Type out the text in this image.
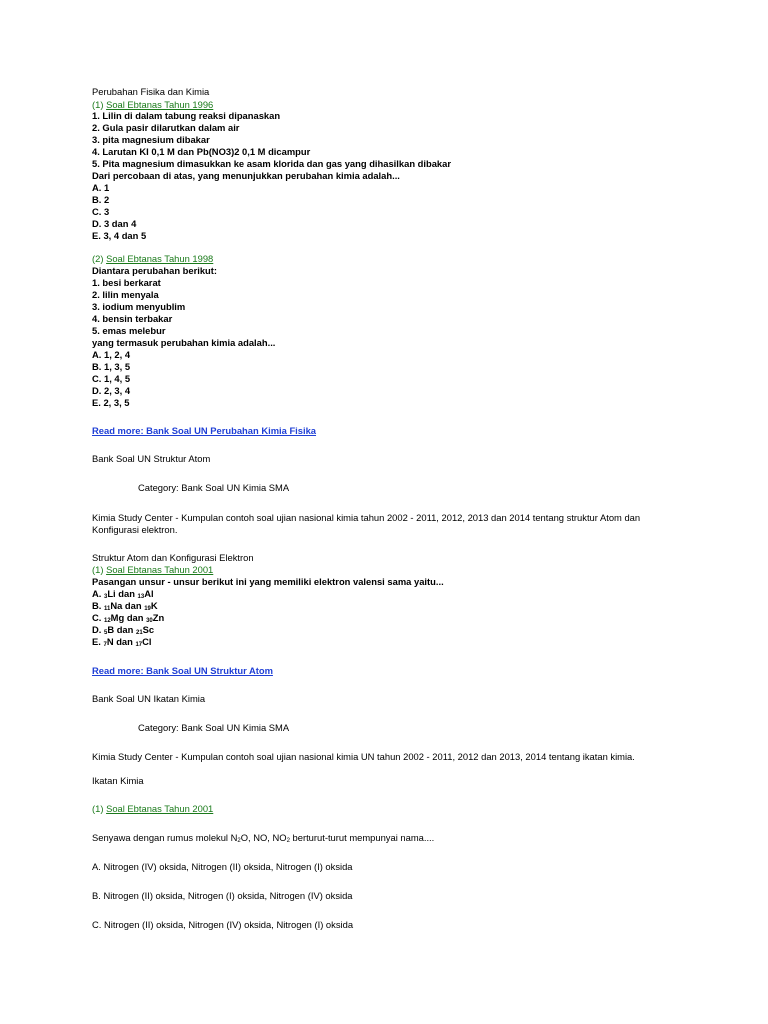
Perubahan Fisika dan Kimia
(1) Soal Ebtanas Tahun 1996
1. Lilin di dalam tabung reaksi dipanaskan
2. Gula pasir dilarutkan dalam air
3. pita magnesium dibakar
4. Larutan KI 0,1 M dan Pb(NO3)2 0,1 M dicampur
5. Pita magnesium dimasukkan ke asam klorida dan gas yang dihasilkan dibakar
Dari percobaan di atas, yang menunjukkan perubahan kimia adalah...
A. 1
B. 2
C. 3
D. 3 dan 4
E. 3, 4 dan 5
(2) Soal Ebtanas Tahun 1998
Diantara perubahan berikut:
1. besi berkarat
2. lilin menyala
3. iodium menyublim
4. bensin terbakar
5. emas melebur
yang termasuk perubahan kimia adalah...
A. 1, 2, 4
B. 1, 3, 5
C. 1, 4, 5
D. 2, 3, 4
E. 2, 3, 5
Read more: Bank Soal UN Perubahan Kimia Fisika
Bank Soal UN Struktur Atom
Category: Bank Soal UN Kimia SMA
Kimia Study Center - Kumpulan contoh soal ujian nasional kimia tahun 2002 - 2011, 2012, 2013 dan 2014 tentang struktur Atom dan Konfigurasi elektron.
Struktur Atom dan Konfigurasi Elektron
(1) Soal Ebtanas Tahun 2001
Pasangan unsur - unsur berikut ini yang memiliki elektron valensi sama yaitu...
A. $_3$Li dan $_{13}$Al
B. $_{11}$Na dan $_{19}$K
C. $_{12}$Mg dan $_{30}$Zn
D. $_5$B dan $_{21}$Sc
E. $_7$N dan $_{17}$Cl
Read more: Bank Soal UN Struktur Atom
Bank Soal UN Ikatan Kimia
Category: Bank Soal UN Kimia SMA
Kimia Study Center - Kumpulan contoh soal ujian nasional kimia UN tahun 2002 - 2011, 2012 dan 2013, 2014 tentang ikatan kimia.
Ikatan Kimia
(1) Soal Ebtanas Tahun 2001
Senyawa dengan rumus molekul $N_2O$, NO, $NO_2$ berturut-turut mempunyai nama....
A. Nitrogen (IV) oksida, Nitrogen (II) oksida, Nitrogen (I) oksida
B. Nitrogen (II) oksida, Nitrogen (I) oksida, Nitrogen (IV) oksida
C. Nitrogen (II) oksida, Nitrogen (IV) oksida, Nitrogen (I) oksida
